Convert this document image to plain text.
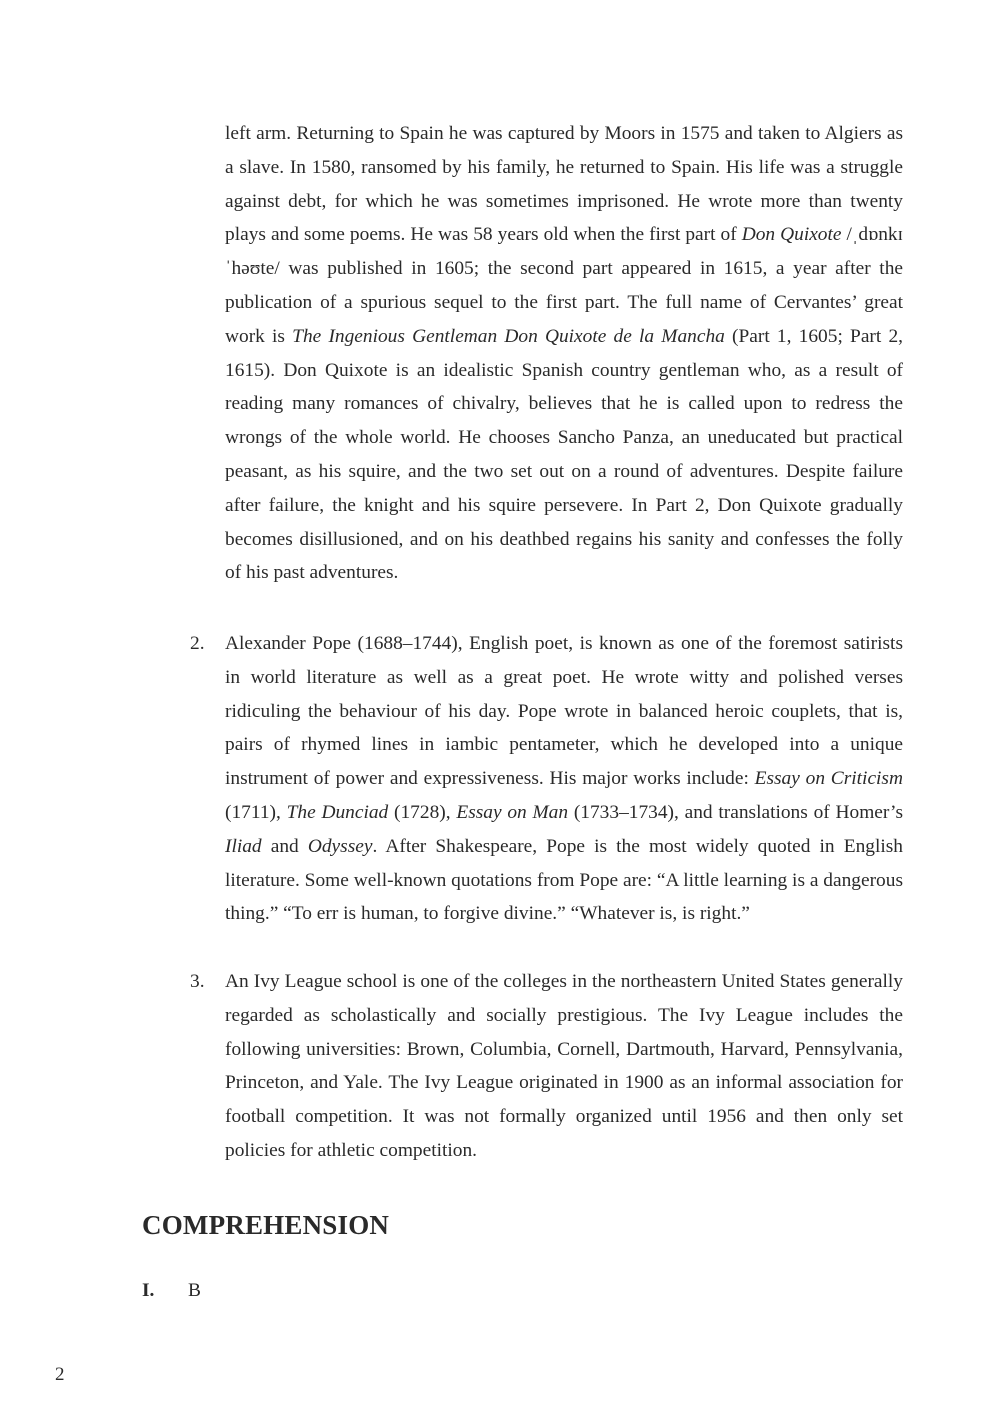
left arm. Returning to Spain he was captured by Moors in 1575 and taken to Algiers as a slave. In 1580, ransomed by his family, he returned to Spain. His life was a struggle against debt, for which he was sometimes imprisoned. He wrote more than twenty plays and some poems. He was 58 years old when the first part of Don Quixote /ˌdɒnkɪˈhəʊte/ was published in 1605; the second part appeared in 1615, a year after the publication of a spurious sequel to the first part. The full name of Cervantes’ great work is The Ingenious Gentleman Don Quixote de la Mancha (Part 1, 1605; Part 2, 1615). Don Quixote is an idealistic Spanish country gentleman who, as a result of reading many romances of chivalry, believes that he is called upon to redress the wrongs of the whole world. He chooses Sancho Panza, an uneducated but practical peasant, as his squire, and the two set out on a round of adventures. Despite failure after failure, the knight and his squire persevere. In Part 2, Don Quixote gradually becomes disillusioned, and on his deathbed regains his sanity and confesses the folly of his past adventures.

2. Alexander Pope (1688–1744), English poet, is known as one of the foremost satirists in world literature as well as a great poet. He wrote witty and polished verses ridiculing the behaviour of his day. Pope wrote in balanced heroic couplets, that is, pairs of rhymed lines in iambic pentameter, which he developed into a unique instrument of power and expressiveness. His major works include: Essay on Criticism (1711), The Dunciad (1728), Essay on Man (1733–1734), and translations of Homer’s Iliad and Odyssey. After Shakespeare, Pope is the most widely quoted in English literature. Some well-known quotations from Pope are: “A little learning is a dangerous thing.” “To err is human, to forgive divine.” “Whatever is, is right.”

3. An Ivy League school is one of the colleges in the northeastern United States generally regarded as scholastically and socially prestigious. The Ivy League includes the following universities: Brown, Columbia, Cornell, Dartmouth, Harvard, Pennsylvania, Princeton, and Yale. The Ivy League originated in 1900 as an informal association for football competition. It was not formally organized until 1956 and then only set policies for athletic competition.

COMPREHENSION
I. B
2
